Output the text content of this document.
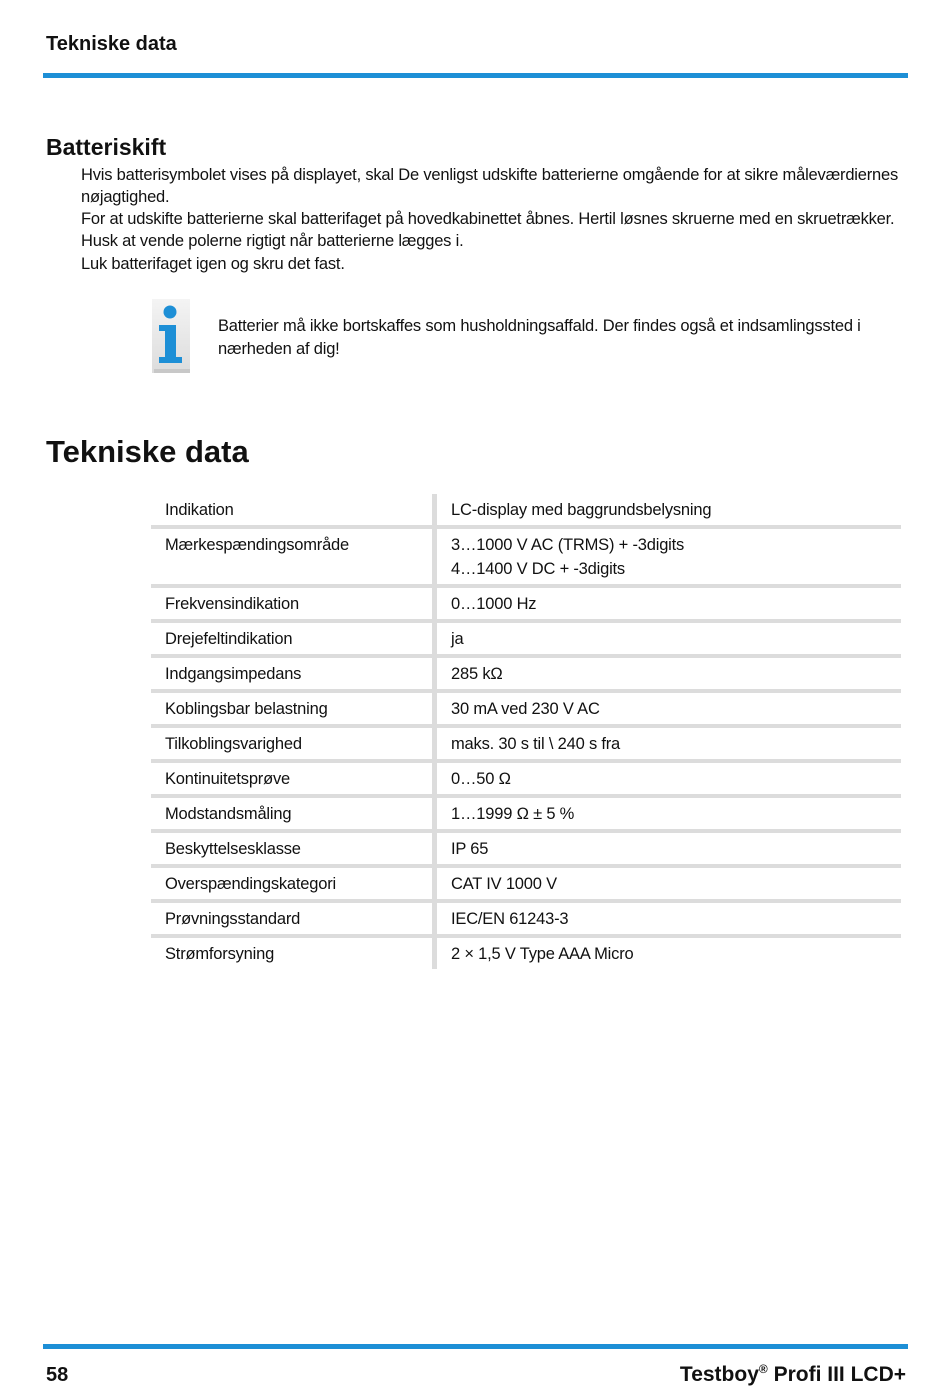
Tekniske data
Batteriskift
Hvis batterisymbolet vises på displayet, skal De venligst udskifte batterierne omgående for at sikre måleværdiernes nøjagtighed.
For at udskifte batterierne skal batterifaget på hovedkabinettet åbnes. Hertil løsnes skruerne med en skruetrækker. Husk at vende polerne rigtigt når batterierne lægges i.
Luk batterifaget igen og skru det fast.
Batterier må ikke bortskaffes som husholdningsaffald. Der findes også et indsamlingssted i nærheden af dig!
Tekniske data
Indikation	LC-display med baggrundsbelysning

Mærkespændingsområde	3…1000 V AC (TRMS) + -3digits
4…1400 V DC + -3digits

Frekvensindikation	0…1000 Hz

Drejefeltindikation	ja

Indgangsimpedans	285 kΩ

Koblingsbar belastning	30 mA ved 230 V AC

Tilkoblingsvarighed	maks. 30 s til \ 240 s fra

Kontinuitetsprøve	0…50 Ω

Modstandsmåling	1…1999 Ω ± 5 %

Beskyttelsesklasse	IP 65

Overspændingskategori	CAT IV 1000 V

Prøvningsstandard	IEC/EN 61243-3

Strømforsyning	2 × 1,5 V Type AAA Micro
58	Testboy® Profi III LCD+
